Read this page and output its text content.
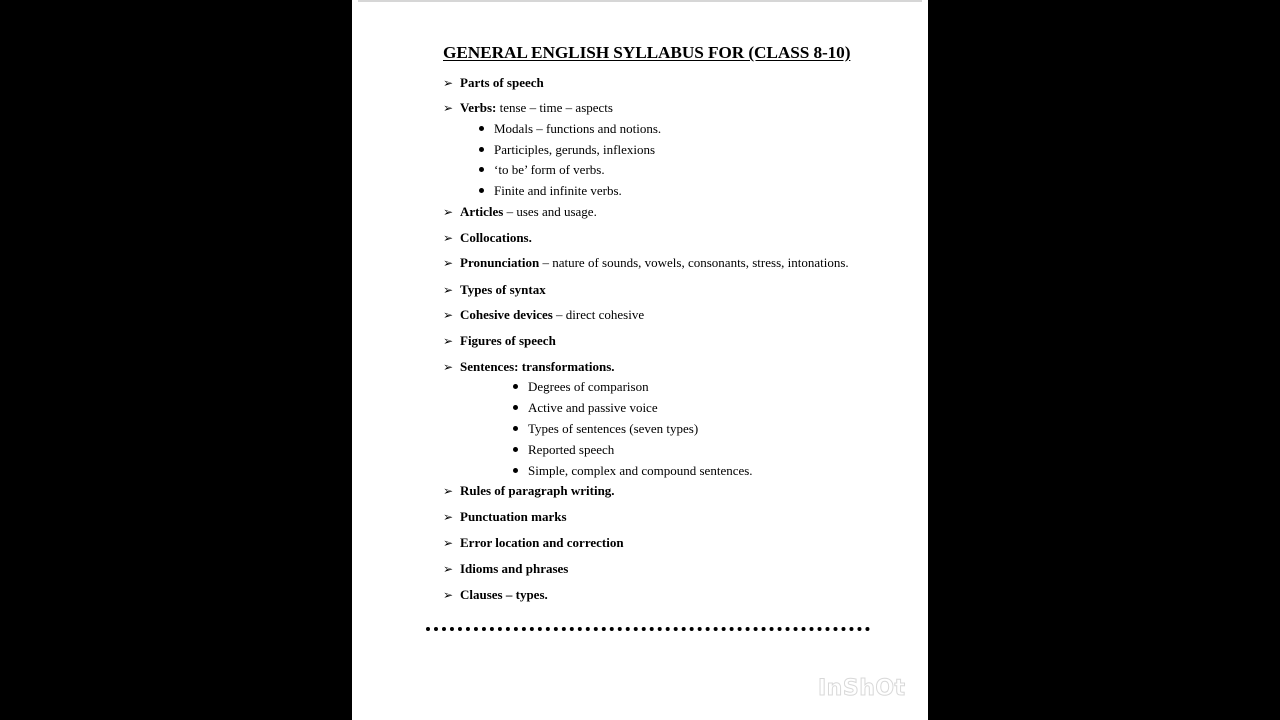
GENERAL ENGLISH SYLLABUS FOR (CLASS 8-10)
➢ Parts of speech
➢ Verbs: tense – time – aspects
Modals – functions and notions.
Participles, gerunds, inflexions
‘to be’ form of verbs.
Finite and infinite verbs.
➢ Articles – uses and usage.
➢ Collocations.
➢ Pronunciation – nature of sounds, vowels, consonants, stress, intonations.
➢ Types of syntax
➢ Cohesive devices – direct cohesive
➢ Figures of speech
➢ Sentences: transformations.
Degrees of comparison
Active and passive voice
Types of sentences (seven types)
Reported speech
Simple, complex and compound sentences.
➢ Rules of paragraph writing.
➢ Punctuation marks
➢ Error location and correction
➢ Idioms and phrases
➢ Clauses – types.
InShOt
